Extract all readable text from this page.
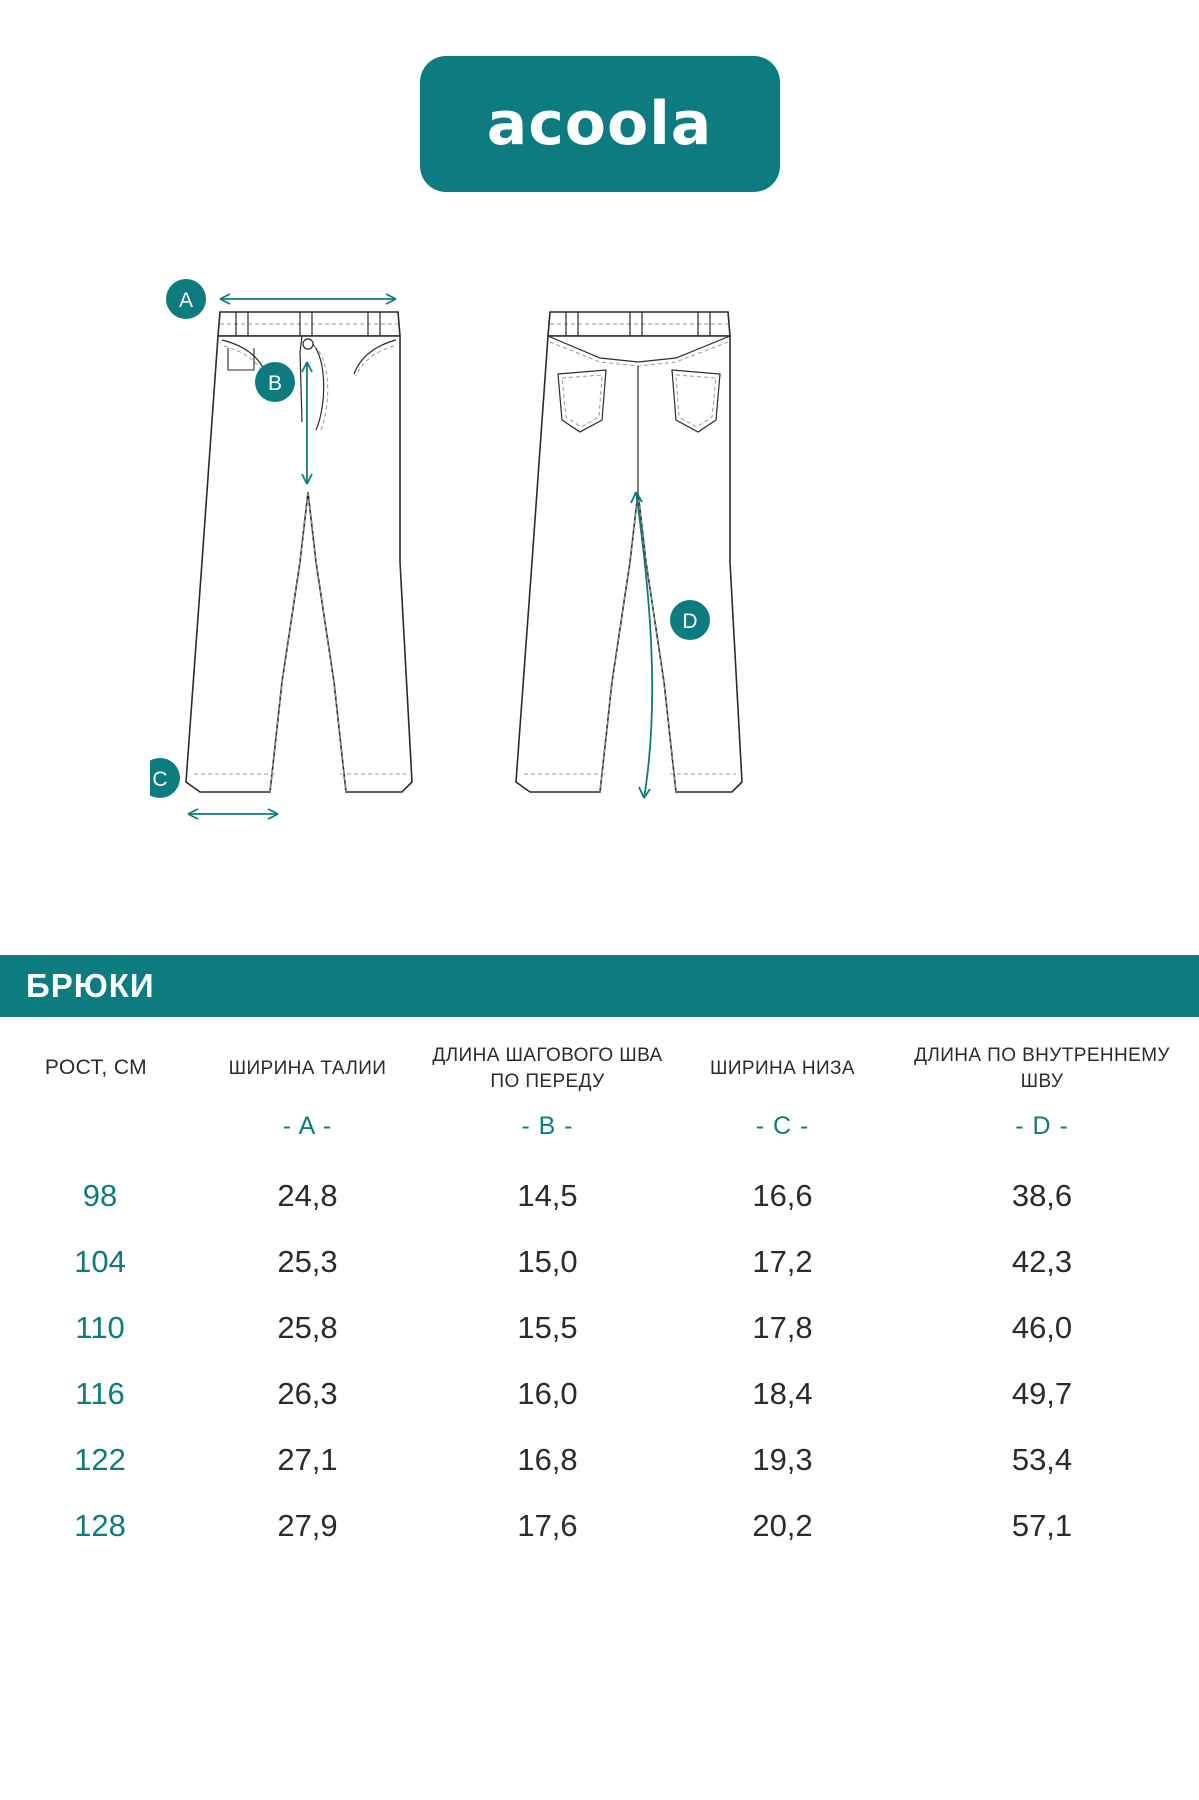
acoola
A
B
C
D
БРЮКИ
РОСТ, СМ	ШИРИНА ТАЛИИ	ДЛИНА ШАГОВОГО ШВА ПО ПЕРЕДУ	ШИРИНА НИЗА	ДЛИНА ПО ВНУТРЕННЕМУ ШВУ
	- A -	- B -	- C -	- D -
98	24,8	14,5	16,6	38,6
104	25,3	15,0	17,2	42,3
110	25,8	15,5	17,8	46,0
116	26,3	16,0	18,4	49,7
122	27,1	16,8	19,3	53,4
128	27,9	17,6	20,2	57,1
